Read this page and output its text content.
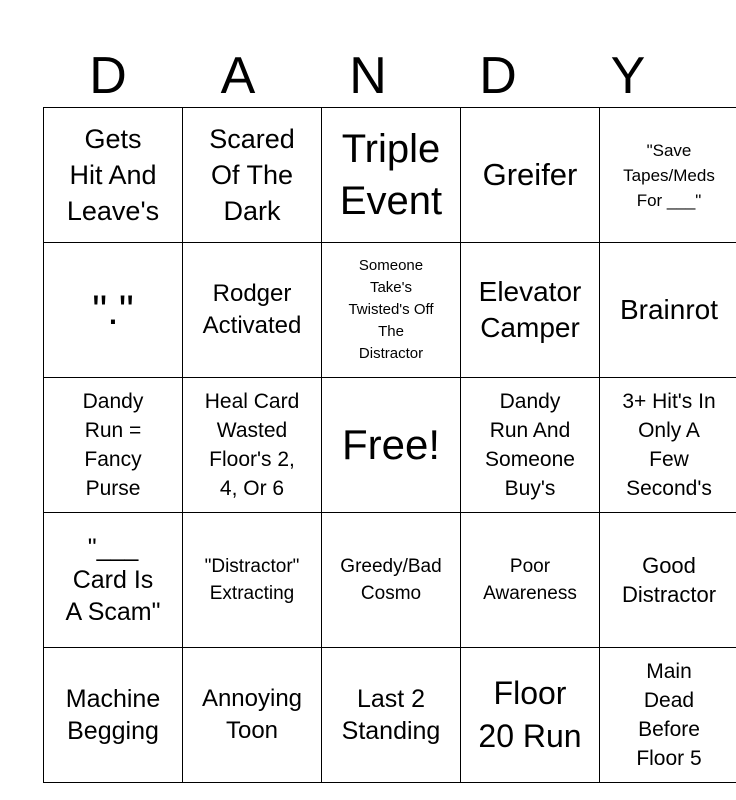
D	A	N	D	Y
Gets
Hit And
Leave's	Scared
Of The
Dark	Triple
Event	Greifer	"Save
Tapes/Meds
For ___"

"."	Rodger
Activated	Someone
Take's
Twisted's Off
The
Distractor	Elevator
Camper	Brainrot

Dandy
Run =
Fancy
Purse	Heal Card
Wasted
Floor's 2,
4, Or 6	Free!	Dandy
Run And
Someone
Buy's	3+ Hit's In
Only A
Few
Second's

"___
Card Is
A Scam"	"Distractor"
Extracting	Greedy/Bad
Cosmo	Poor
Awareness	Good
Distractor

Machine
Begging	Annoying
Toon	Last 2
Standing	Floor
20 Run	Main
Dead
Before
Floor 5
